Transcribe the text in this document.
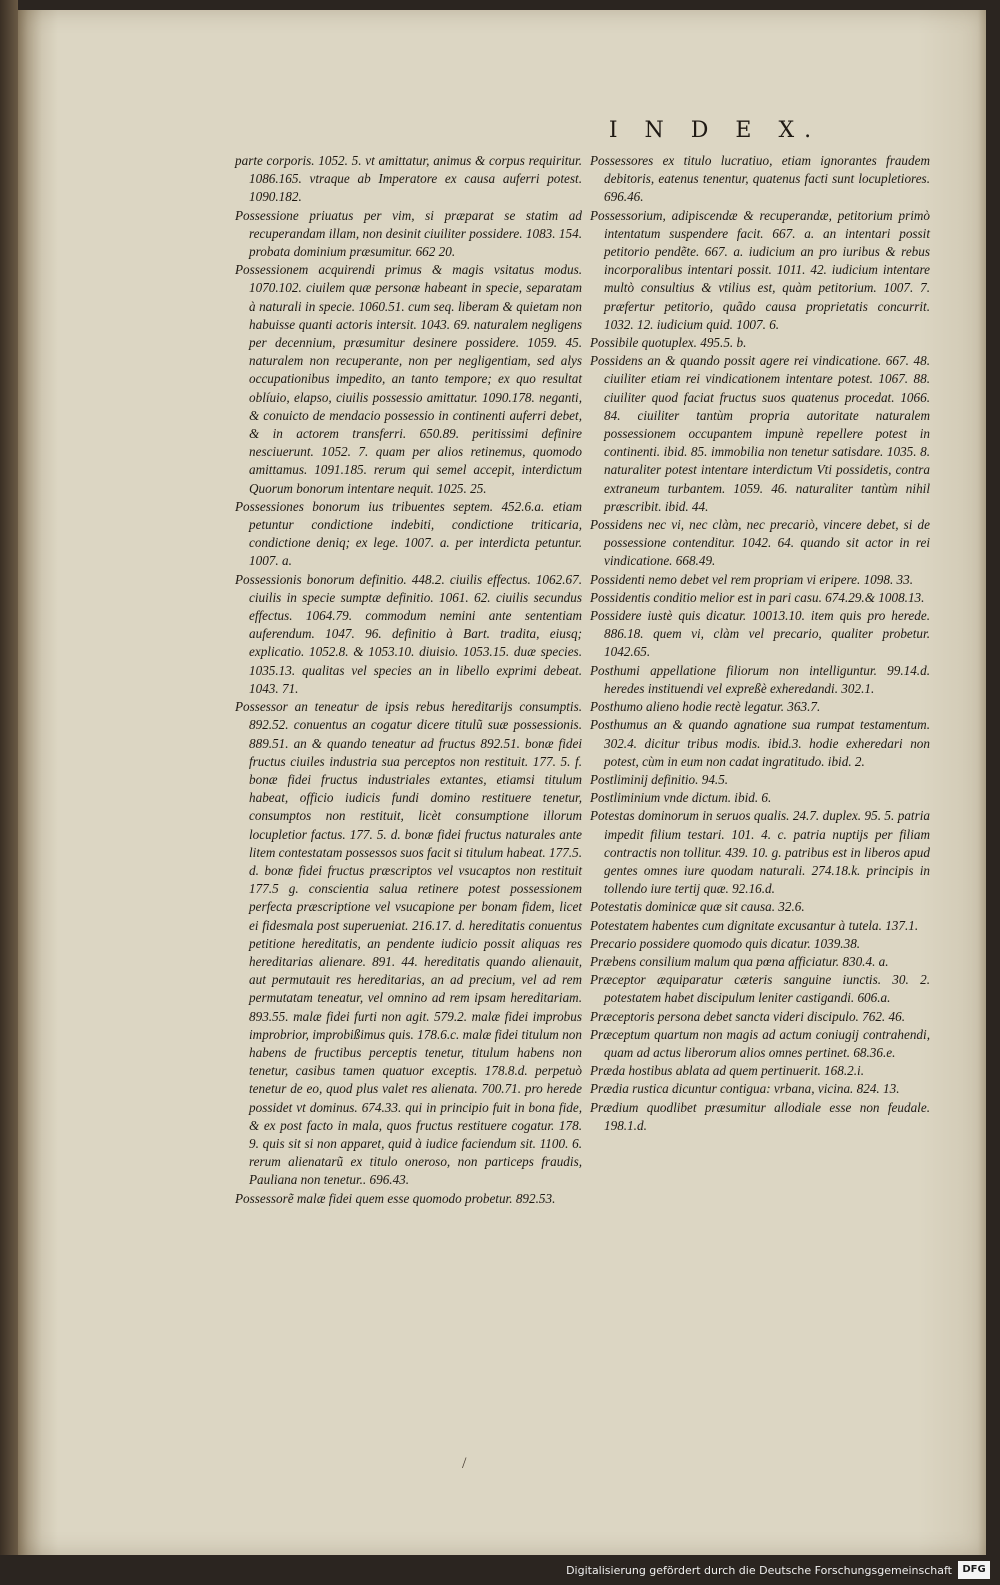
I N D E X.

parte corporis. 1052. 5. vt amittatur, animus & corpus requiritur. 1086.165. vtraque ab Imperatore ex causa auferri potest. 1090.182.

Possessione priuatus per vim, si præparat se statim ad recuperandam illam, non desinit ciuiliter possidere. 1083. 154. probata dominium præsumitur. 662 20.

Possessionem acquirendi primus & magis vsitatus modus. 1070.102. ciuilem quæ personæ habeant in specie, separatam à naturali in specie. 1060.51. cum seq. liberam & quietam non habuisse quanti actoris intersit. 1043. 69. naturalem negligens per decennium, præsumitur desinere possidere. 1059. 45. naturalem non recuperante, non per negligentiam, sed alys occupationibus impedito, an tanto tempore; ex quo resultat oblíuio, elapso, ciuilis possessio amittatur. 1090.178. neganti, & conuicto de mendacio possessio in continenti auferri debet, & in actorem transferri. 650.89. peritissimi definire nesciuerunt. 1052. 7. quam per alios retinemus, quomodo amittamus. 1091.185. rerum qui semel accepit, interdictum Quorum bonorum intentare nequit. 1025. 25.

Possessiones bonorum ius tribuentes septem. 452.6.a. etiam petuntur condictione indebiti, condictione triticaria, condictione deniq; ex lege. 1007. a. per interdicta petuntur. 1007. a.

Possessionis bonorum definitio. 448.2. ciuilis effectus. 1062.67. ciuilis in specie sumptæ definitio. 1061. 62. ciuilis secundus effectus. 1064.79. commodum nemini ante sententiam auferendum. 1047. 96. definitio à Bart. tradita, eiusq; explicatio. 1052.8. & 1053.10. diuisio. 1053.15. duæ species. 1035.13. qualitas vel species an in libello exprimi debeat. 1043. 71.

Possessor an teneatur de ipsis rebus hereditarijs consumptis. 892.52. conuentus an cogatur dicere titulũ suæ possessionis. 889.51. an & quando teneatur ad fructus 892.51. bonæ fidei fructus ciuiles industria sua perceptos non restituit. 177. 5. f. bonæ fidei fructus industriales extantes, etiamsi titulum habeat, officio iudicis fundi domino restituere tenetur, consumptos non restituit, licèt consumptione illorum locupletior factus. 177. 5. d. bonæ fidei fructus naturales ante litem contestatam possessos suos facit si titulum habeat. 177.5. d. bonæ fidei fructus præscriptos vel vsucaptos non restituit 177.5 g. conscientia salua retinere potest possessionem perfecta præscriptione vel vsucapione per bonam fidem, licet ei fidesmala post superueniat. 216.17. d. hereditatis conuentus petitione hereditatis, an pendente iudicio possit aliquas res hereditarias alienare. 891. 44. hereditatis quando alienauit, aut permutauit res hereditarias, an ad precium, vel ad rem permutatam teneatur, vel omnino ad rem ipsam hereditariam. 893.55. malæ fidei furti non agit. 579.2. malæ fidei improbus improbrior, improbißimus quis. 178.6.c. malæ fidei titulum non habens de fructibus perceptis tenetur, titulum habens non tenetur, casibus tamen quatuor exceptis. 178.8.d. perpetuò tenetur de eo, quod plus valet res alienata. 700.71. pro herede possidet vt dominus. 674.33. qui in principio fuit in bona fide, & ex post facto in mala, quos fructus restituere cogatur. 178. 9. quis sit si non apparet, quid à iudice faciendum sit. 1100. 6. rerum alienatarũ ex titulo oneroso, non particeps fraudis, Pauliana non tenetur.. 696.43.

Possessorẽ malæ fidei quem esse quomodo probetur. 892.53.

Possessores ex titulo lucratiuo, etiam ignorantes fraudem debitoris, eatenus tenentur, quatenus facti sunt locupletiores. 696.46.

Possessorium, adipiscendæ & recuperandæ, petitorium primò intentatum suspendere facit. 667. a. an intentari possit petitorio pendẽte. 667. a. iudicium an pro iuribus & rebus incorporalibus intentari possit. 1011. 42. iudicium intentare multò consultius & vtilius est, quàm petitorium. 1007. 7. præfertur petitorio, quãdo causa proprietatis concurrit. 1032. 12. iudicium quid. 1007. 6.

Possibile quotuplex. 495.5. b.

Possidens an & quando possit agere rei vindicatione. 667. 48. ciuiliter etiam rei vindicationem intentare potest. 1067. 88. ciuiliter quod faciat fructus suos quatenus procedat. 1066. 84. ciuiliter tantùm propria autoritate naturalem possessionem occupantem impunè repellere potest in continenti. ibid. 85. immobilia non tenetur satisdare. 1035. 8. naturaliter potest intentare interdictum Vti possidetis, contra extraneum turbantem. 1059. 46. naturaliter tantùm nihil præscribit. ibid. 44.

Possidens nec vi, nec clàm, nec precariò, vincere debet, si de possessione contenditur. 1042. 64. quando sit actor in rei vindicatione. 668.49.

Possidenti nemo debet vel rem propriam vi eripere. 1098. 33.

Possidentis conditio melior est in pari casu. 674.29.& 1008.13.

Possidere iustè quis dicatur. 10013.10. item quis pro herede. 886.18. quem vi, clàm vel precario, qualiter probetur. 1042.65.

Posthumi appellatione filiorum non intelliguntur. 99.14.d. heredes instituendi vel expreßè exheredandi. 302.1.

Posthumo alieno hodie rectè legatur. 363.7.

Posthumus an & quando agnatione sua rumpat testamentum. 302.4. dicitur tribus modis. ibid.3. hodie exheredari non potest, cùm in eum non cadat ingratitudo. ibid. 2.

Postliminij definitio. 94.5.

Postliminium vnde dictum. ibid. 6.

Potestas dominorum in seruos qualis. 24.7. duplex. 95. 5. patria impedit filium testari. 101. 4. c. patria nuptijs per filiam contractis non tollitur. 439. 10. g. patribus est in liberos apud gentes omnes iure quodam naturali. 274.18.k. principis in tollendo iure tertij quæ. 92.16.d.

Potestatis dominicæ quæ sit causa. 32.6.

Potestatem habentes cum dignitate excusantur à tutela. 137.1.

Precario possidere quomodo quis dicatur. 1039.38.

Præbens consilium malum qua pœna afficiatur. 830.4. a.

Præceptor æquiparatur cæteris sanguine iunctis. 30. 2. potestatem habet discipulum leniter castigandi. 606.a.

Præceptoris persona debet sancta videri discipulo. 762. 46.

Præceptum quartum non magis ad actum coniugij contrahendi, quam ad actus liberorum alios omnes pertinet. 68.36.e.

Præda hostibus ablata ad quem pertinuerit. 168.2.i.

Prædia rustica dicuntur contigua: vrbana, vicina. 824. 13.

Prædium quodlibet præsumitur allodiale esse non feudale. 198.1.d.

/
Digitalisierung gefördert durch die Deutsche Forschungsgemeinschaft	DFG
